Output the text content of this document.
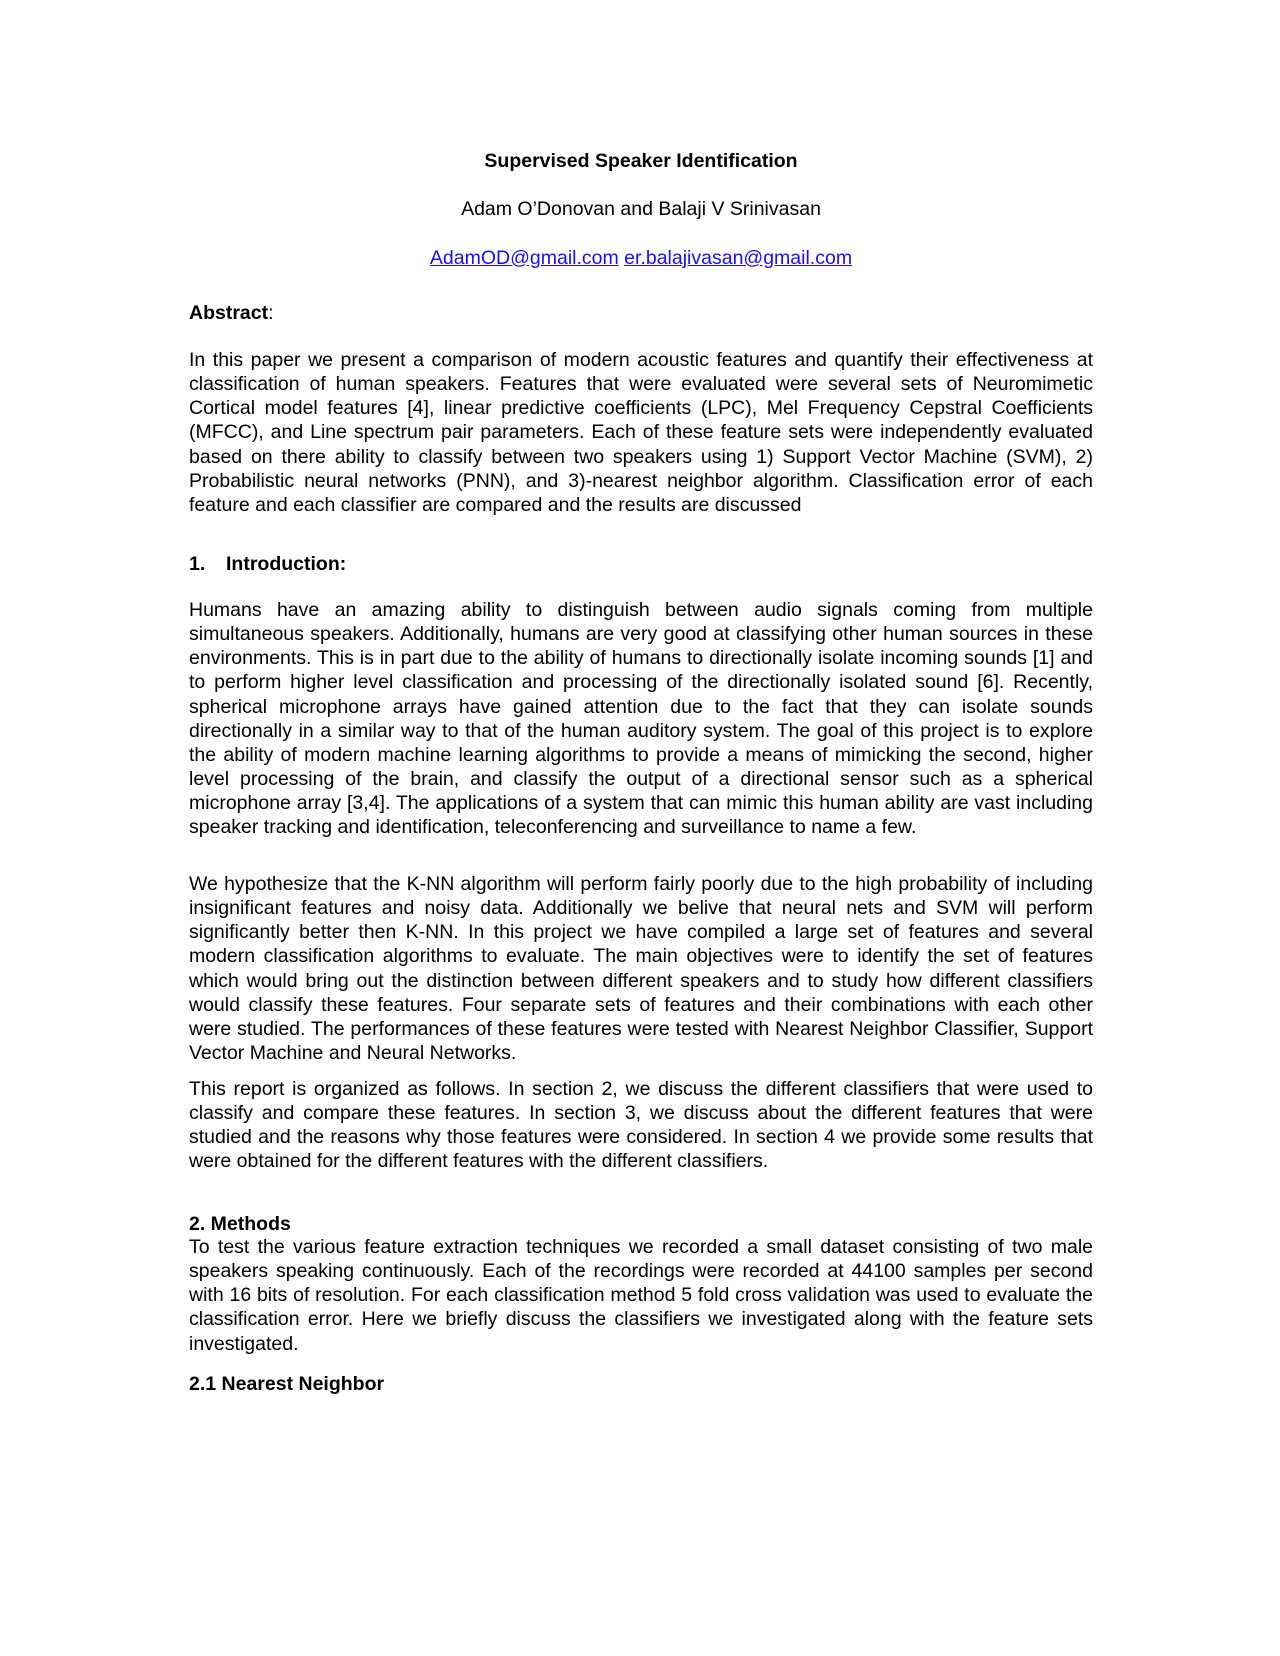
Supervised Speaker Identification
Adam O’Donovan and Balaji V Srinivasan
AdamOD@gmail.com er.balajivasan@gmail.com
Abstract:

In this paper we present a comparison of modern acoustic features and quantify their effectiveness at classification of human speakers. Features that were evaluated were several sets of Neuromimetic Cortical model features [4], linear predictive coefficients (LPC), Mel Frequency Cepstral Coefficients (MFCC), and Line spectrum pair parameters. Each of these feature sets were independently evaluated based on there ability to classify between two speakers using 1) Support Vector Machine (SVM), 2) Probabilistic neural networks (PNN), and 3)-nearest neighbor algorithm. Classification error of each feature and each classifier are compared and the results are discussed

1. Introduction:

Humans have an amazing ability to distinguish between audio signals coming from multiple simultaneous speakers. Additionally, humans are very good at classifying other human sources in these environments. This is in part due to the ability of humans to directionally isolate incoming sounds [1] and to perform higher level classification and processing of the directionally isolated sound [6]. Recently, spherical microphone arrays have gained attention due to the fact that they can isolate sounds directionally in a similar way to that of the human auditory system. The goal of this project is to explore the ability of modern machine learning algorithms to provide a means of mimicking the second, higher level processing of the brain, and classify the output of a directional sensor such as a spherical microphone array [3,4]. The applications of a system that can mimic this human ability are vast including speaker tracking and identification, teleconferencing and surveillance to name a few.

We hypothesize that the K-NN algorithm will perform fairly poorly due to the high probability of including insignificant features and noisy data. Additionally we belive that neural nets and SVM will perform significantly better then K-NN. In this project we have compiled a large set of features and several modern classification algorithms to evaluate. The main objectives were to identify the set of features which would bring out the distinction between different speakers and to study how different classifiers would classify these features. Four separate sets of features and their combinations with each other were studied. The performances of these features were tested with Nearest Neighbor Classifier, Support Vector Machine and Neural Networks.

This report is organized as follows. In section 2, we discuss the different classifiers that were used to classify and compare these features. In section 3, we discuss about the different features that were studied and the reasons why those features were considered. In section 4 we provide some results that were obtained for the different features with the different classifiers.

2. Methods

To test the various feature extraction techniques we recorded a small dataset consisting of two male speakers speaking continuously. Each of the recordings were recorded at 44100 samples per second with 16 bits of resolution. For each classification method 5 fold cross validation was used to evaluate the classification error. Here we briefly discuss the classifiers we investigated along with the feature sets investigated.

2.1 Nearest Neighbor
